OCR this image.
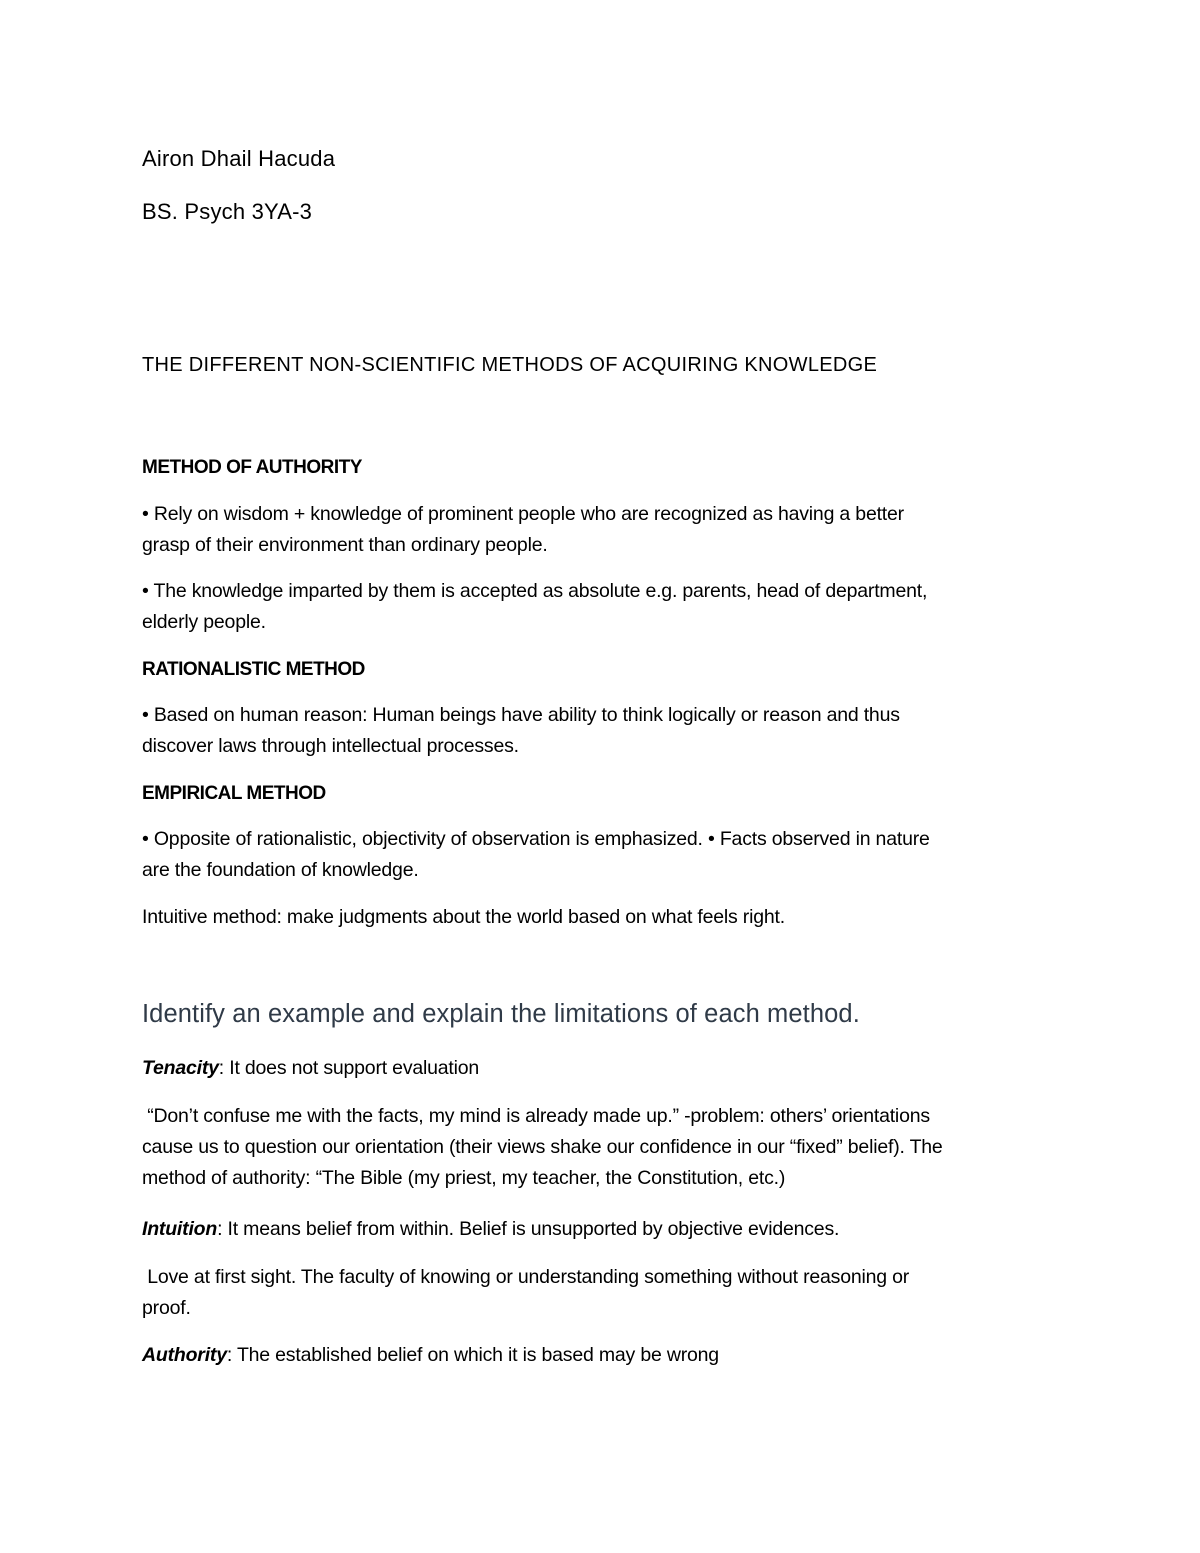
Airon Dhail Hacuda

BS. Psych 3YA-3

THE DIFFERENT NON-SCIENTIFIC METHODS OF ACQUIRING KNOWLEDGE

METHOD OF AUTHORITY

• Rely on wisdom + knowledge of prominent people who are recognized as having a better

grasp of their environment than ordinary people.

• The knowledge imparted by them is accepted as absolute e.g. parents, head of department,

elderly people.

RATIONALISTIC METHOD

• Based on human reason: Human beings have ability to think logically or reason and thus

discover laws through intellectual processes.

EMPIRICAL METHOD

• Opposite of rationalistic, objectivity of observation is emphasized. • Facts observed in nature

are the foundation of knowledge.

Intuitive method: make judgments about the world based on what feels right.

Identify an example and explain the limitations of each method.

Tenacity: It does not support evaluation

“Don’t confuse me with the facts, my mind is already made up.” -problem: others’ orientations

cause us to question our orientation (their views shake our confidence in our “fixed” belief). The

method of authority: “The Bible (my priest, my teacher, the Constitution, etc.)

Intuition: It means belief from within. Belief is unsupported by objective evidences.

Love at first sight. The faculty of knowing or understanding something without reasoning or

proof.

Authority: The established belief on which it is based may be wrong
